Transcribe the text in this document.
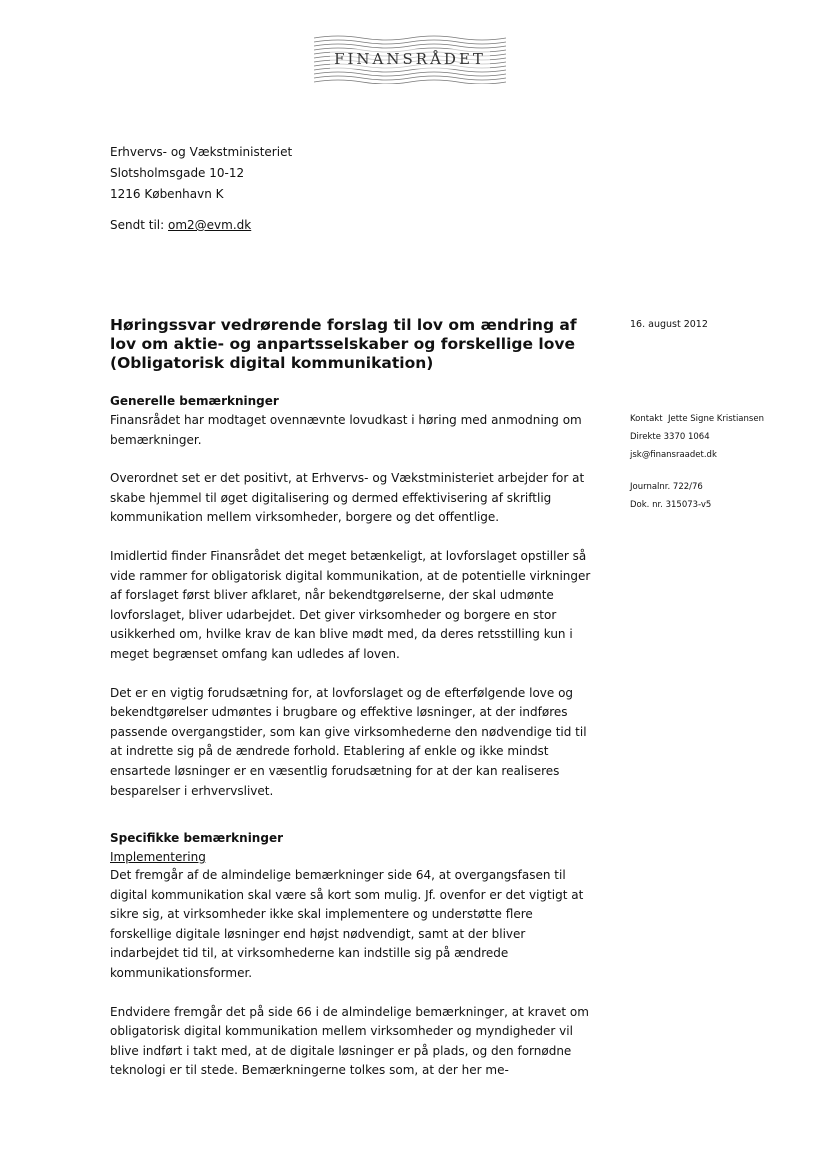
FINANSRÅDET
Erhvervs- og Vækstministeriet
Slotsholmsgade 10-12
1216 København K
Sendt til: om2@evm.dk
Høringssvar vedrørende forslag til lov om ændring af lov om aktie- og anpartsselskaber og forskellige love (Obligatorisk digital kommunikation)
16. august 2012
Kontakt Jette Signe Kristiansen
Direkte 3370 1064
jsk@finansraadet.dk
Journalnr. 722/76
Dok. nr. 315073-v5
Generelle bemærkninger

Finansrådet har modtaget ovennævnte lovudkast i høring med anmodning om bemærkninger.

Overordnet set er det positivt, at Erhvervs- og Vækstministeriet arbejder for at skabe hjemmel til øget digitalisering og dermed effektivisering af skriftlig kommunikation mellem virksomheder, borgere og det offentlige.

Imidlertid finder Finansrådet det meget betænkeligt, at lovforslaget opstiller så vide rammer for obligatorisk digital kommunikation, at de potentielle virkninger af forslaget først bliver afklaret, når bekendtgørelserne, der skal udmønte lovforslaget, bliver udarbejdet. Det giver virksomheder og borgere en stor usikkerhed om, hvilke krav de kan blive mødt med, da deres retsstilling kun i meget begrænset omfang kan udledes af loven.

Det er en vigtig forudsætning for, at lovforslaget og de efterfølgende love og bekendtgørelser udmøntes i brugbare og effektive løsninger, at der indføres passende overgangstider, som kan give virksomhederne den nødvendige tid til at indrette sig på de ændrede forhold. Etablering af enkle og ikke mindst ensartede løsninger er en væsentlig forudsætning for at der kan realiseres besparelser i erhvervslivet.

Specifikke bemærkninger
Implementering

Det fremgår af de almindelige bemærkninger side 64, at overgangsfasen til digital kommunikation skal være så kort som mulig. Jf. ovenfor er det vigtigt at sikre sig, at virksomheder ikke skal implementere og understøtte flere forskellige digitale løsninger end højst nødvendigt, samt at der bliver indarbejdet tid til, at virksomhederne kan indstille sig på ændrede kommunikationsformer.

Endvidere fremgår det på side 66 i de almindelige bemærkninger, at kravet om obligatorisk digital kommunikation mellem virksomheder og myndigheder vil blive indført i takt med, at de digitale løsninger er på plads, og den fornødne teknologi er til stede. Bemærkningerne tolkes som, at der her me-
